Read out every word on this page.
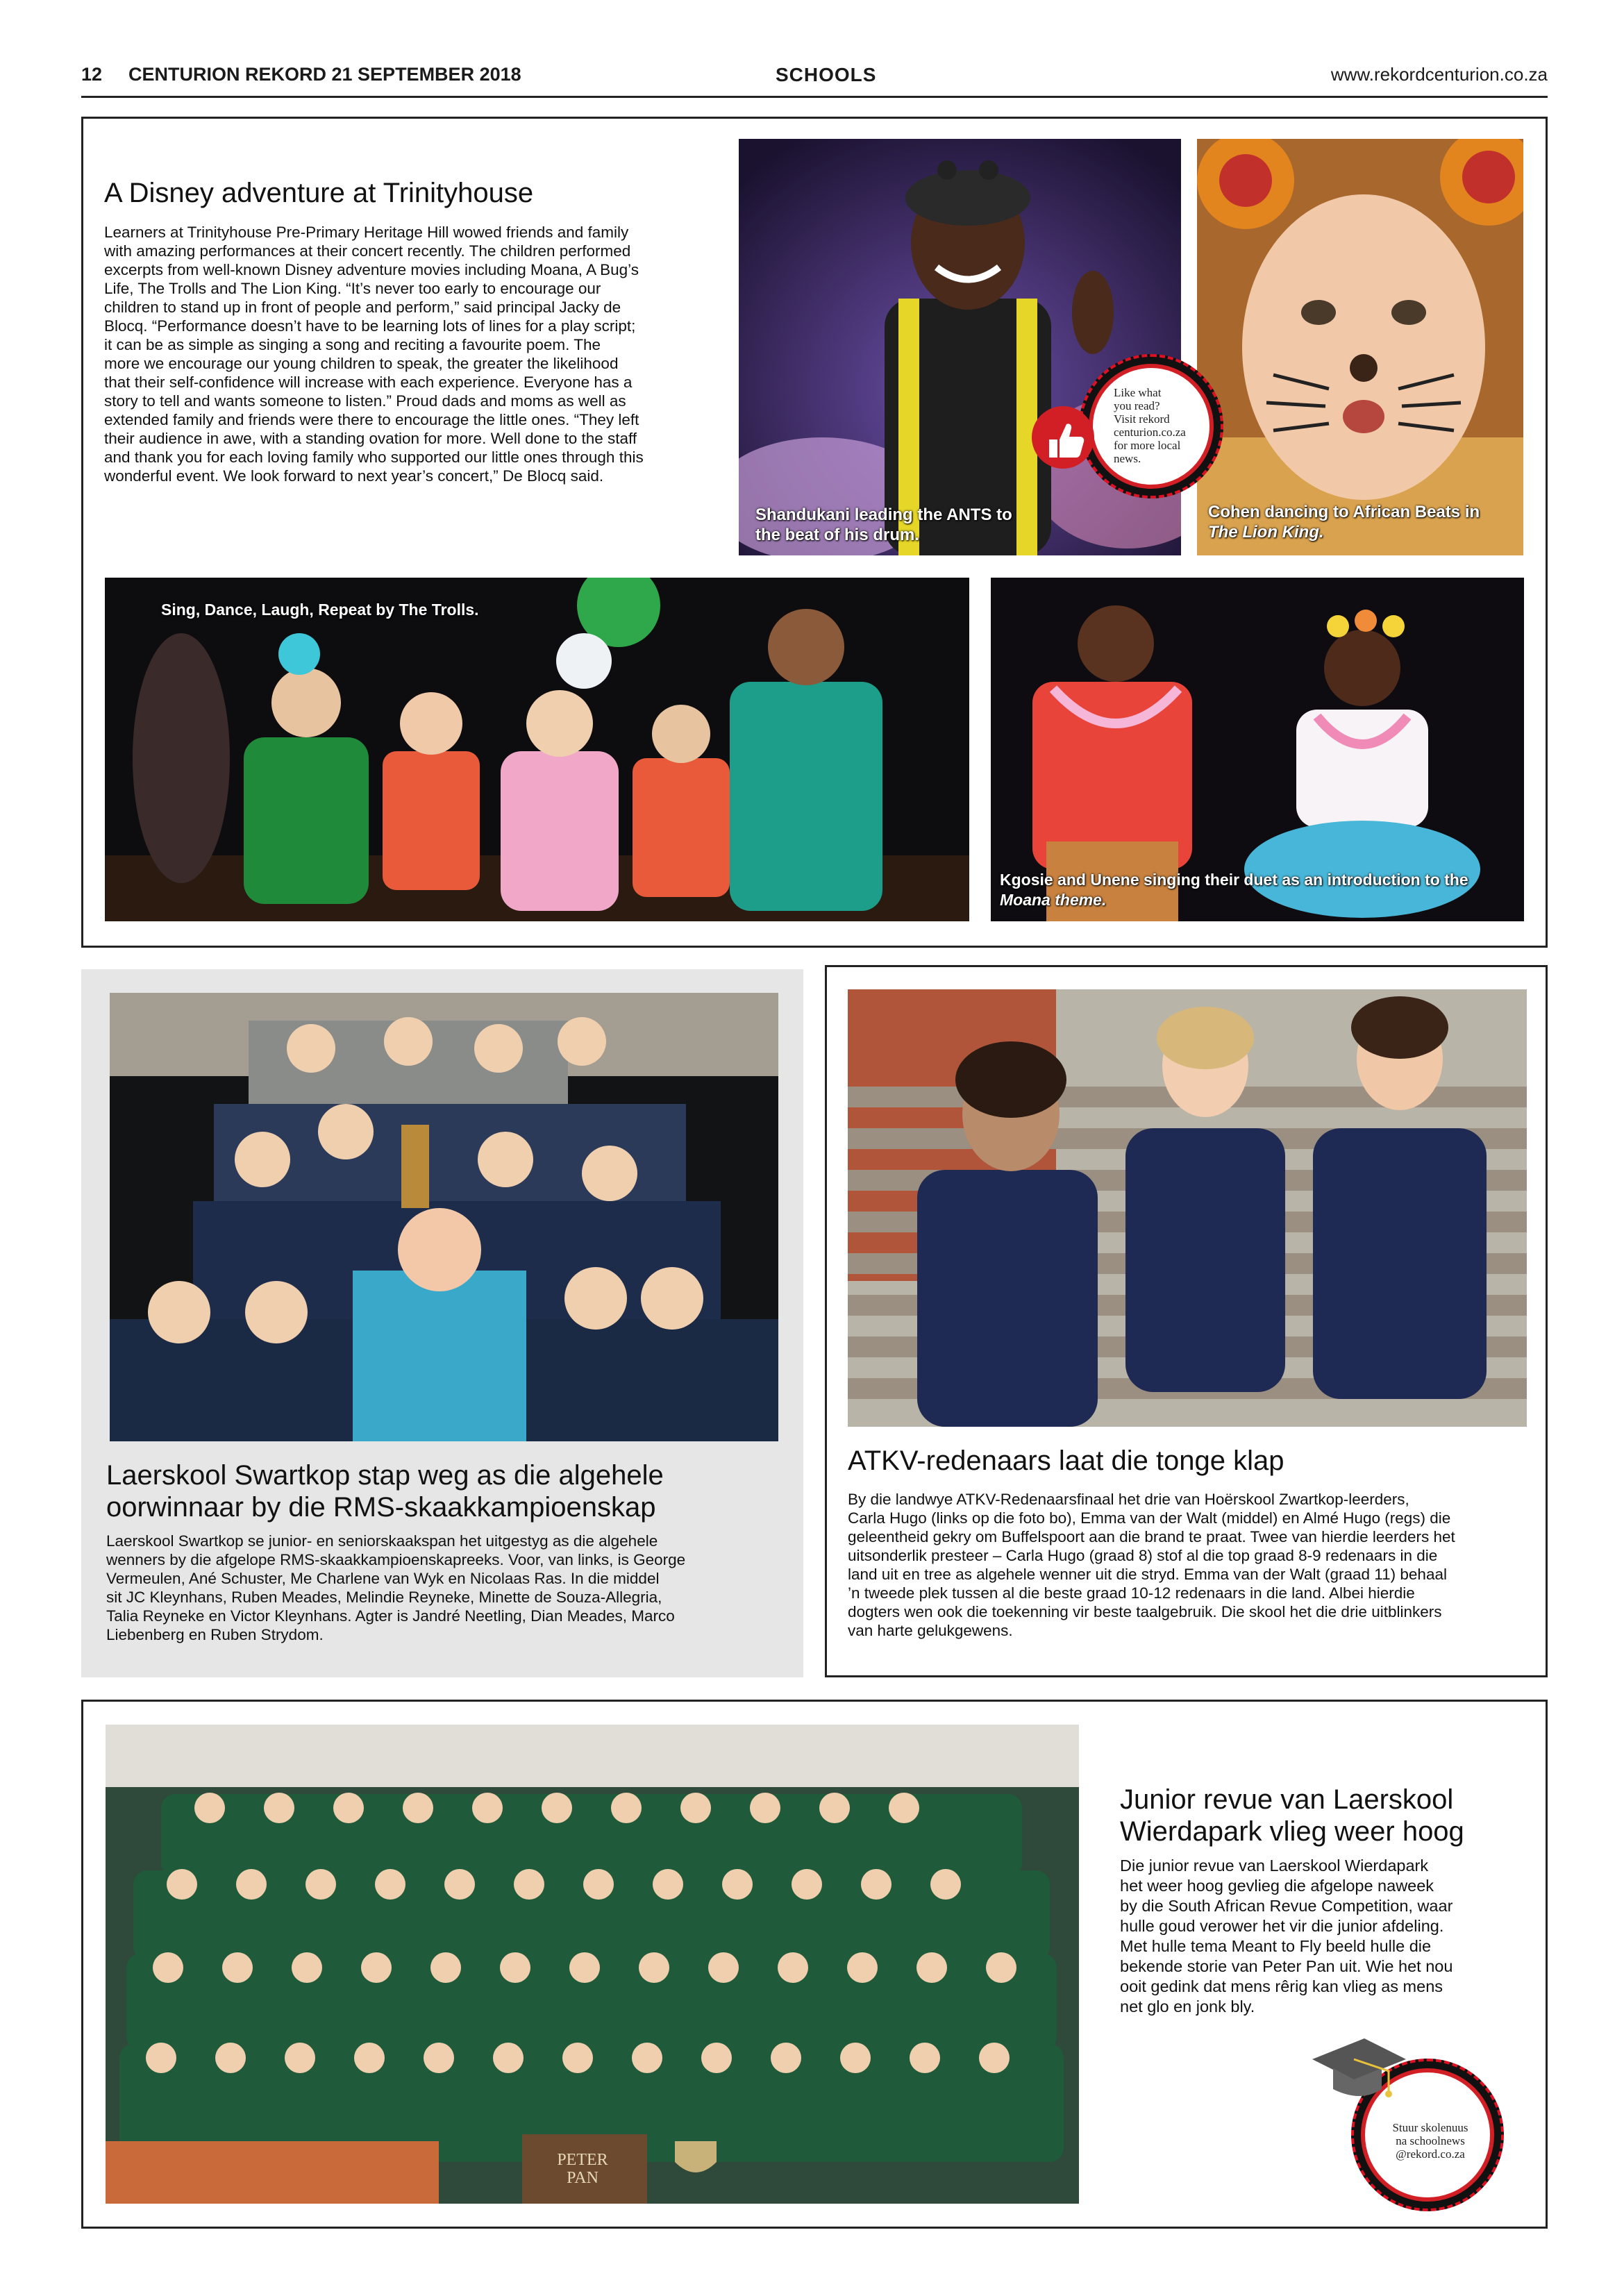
12 CENTURION REKORD 21 SEPTEMBER 2018	SCHOOLS	www.rekordcenturion.co.za
A Disney adventure at Trinityhouse
Learners at Trinityhouse Pre-Primary Heritage Hill wowed friends and family
with amazing performances at their concert recently. The children performed
excerpts from well-known Disney adventure movies including Moana, A Bug’s
Life, The Trolls and The Lion King. “It’s never too early to encourage our
children to stand up in front of people and perform,” said principal Jacky de
Blocq. “Performance doesn’t have to be learning lots of lines for a play script;
it can be as simple as singing a song and reciting a favourite poem. The
more we encourage our young children to speak, the greater the likelihood
that their self-confidence will increase with each experience. Everyone has a
story to tell and wants someone to listen.” Proud dads and moms as well as
extended family and friends were there to encourage the little ones. “They left
their audience in awe, with a standing ovation for more. Well done to the staff
and thank you for each loving family who supported our little ones through this
wonderful event. We look forward to next year’s concert,” De Blocq said.
Shandukani leading the ANTS to
the beat of his drum.
Cohen dancing to African Beats in
The Lion King.
Like what
you read?
Visit rekord
centurion.co.za
for more local
news.
Sing, Dance, Laugh, Repeat by The Trolls.
Kgosie and Unene singing their duet as an introduction to the
Moana theme.
Laerskool Swartkop stap weg as die algehele
oorwinnaar by die RMS-skaakkampioenskap
Laerskool Swartkop se junior- en seniorskaakspan het uitgestyg as die algehele
wenners by die afgelope RMS-skaakkampioenskapreeks. Voor, van links, is George
Vermeulen, Ané Schuster, Me Charlene van Wyk en Nicolaas Ras. In die middel
sit JC Kleynhans, Ruben Meades, Melindie Reyneke, Minette de Souza-Allegria,
Talia Reyneke en Victor Kleynhans. Agter is Jandré Neetling, Dian Meades, Marco
Liebenberg en Ruben Strydom.
ATKV-redenaars laat die tonge klap
By die landwye ATKV-Redenaarsfinaal het drie van Hoërskool Zwartkop-leerders,
Carla Hugo (links op die foto bo), Emma van der Walt (middel) en Almé Hugo (regs) die
geleentheid gekry om Buffelspoort aan die brand te praat. Twee van hierdie leerders het
uitsonderlik presteer – Carla Hugo (graad 8) stof al die top graad 8-9 redenaars in die
land uit en tree as algehele wenner uit die stryd. Emma van der Walt (graad 11) behaal
’n tweede plek tussen al die beste graad 10-12 redenaars in die land. Albei hierdie
dogters wen ook die toekenning vir beste taalgebruik. Die skool het die drie uitblinkers
van harte gelukgewens.
PETER
PAN
Junior revue van Laerskool
Wierdapark vlieg weer hoog
Die junior revue van Laerskool Wierdapark
het weer hoog gevlieg die afgelope naweek
by die South African Revue Competition, waar
hulle goud verower het vir die junior afdeling.
Met hulle tema Meant to Fly beeld hulle die
bekende storie van Peter Pan uit. Wie het nou
ooit gedink dat mens rêrig kan vlieg as mens
net glo en jonk bly.
Stuur skolenuus
na schoolnews
@rekord.co.za
